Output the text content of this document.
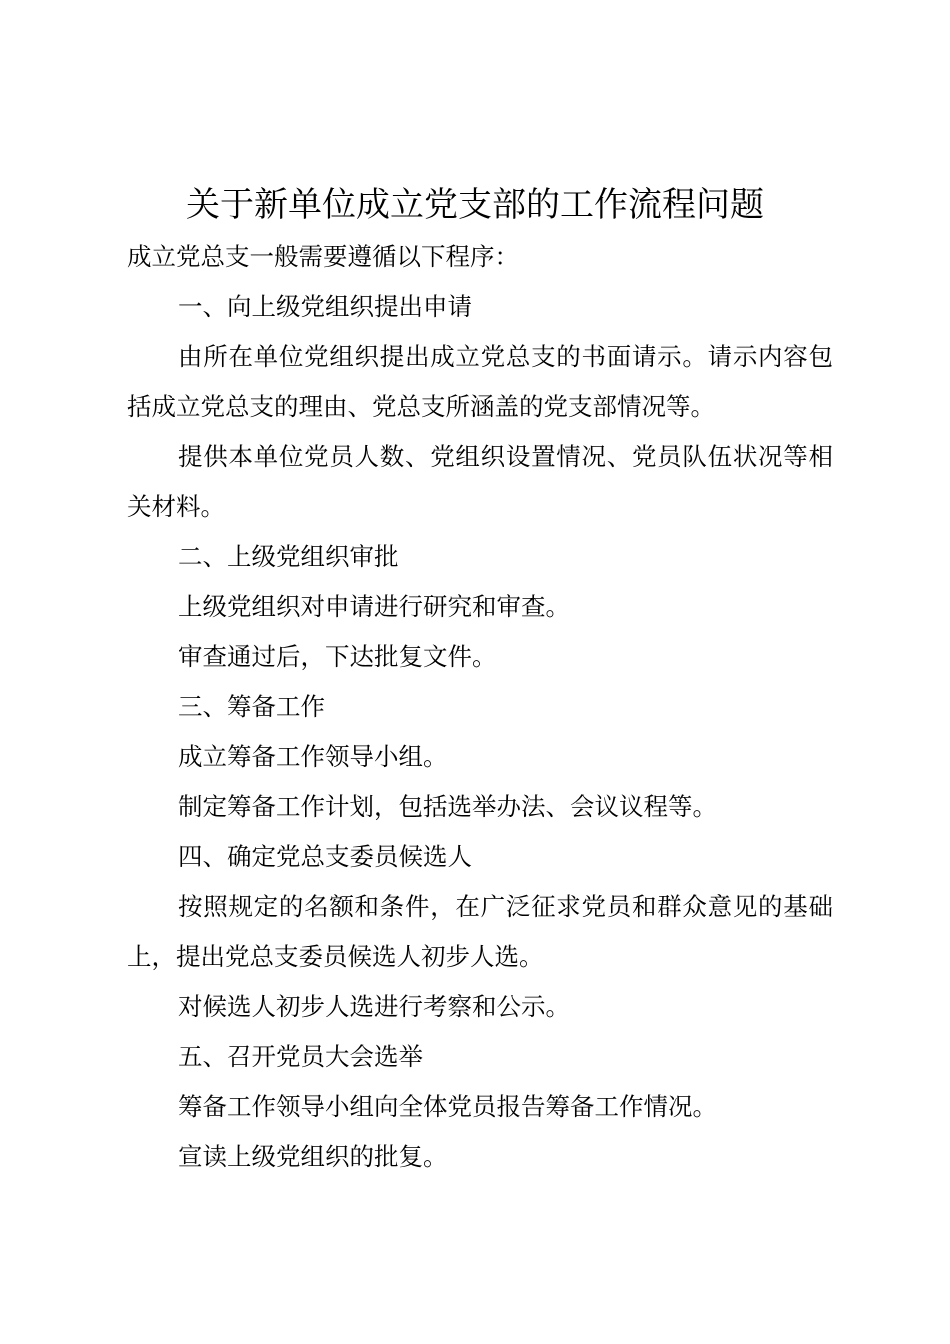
关于新单位成立党支部的工作流程问题

成立党总支一般需要遵循以下程序：

一、向上级党组织提出申请

由所在单位党组织提出成立党总支的书面请示。请示内容包括成立党总支的理由、党总支所涵盖的党支部情况等。

提供本单位党员人数、党组织设置情况、党员队伍状况等相关材料。

二、上级党组织审批

上级党组织对申请进行研究和审查。

审查通过后，下达批复文件。

三、筹备工作

成立筹备工作领导小组。

制定筹备工作计划，包括选举办法、会议议程等。

四、确定党总支委员候选人

按照规定的名额和条件，在广泛征求党员和群众意见的基础上，提出党总支委员候选人初步人选。

对候选人初步人选进行考察和公示。

五、召开党员大会选举

筹备工作领导小组向全体党员报告筹备工作情况。

宣读上级党组织的批复。
